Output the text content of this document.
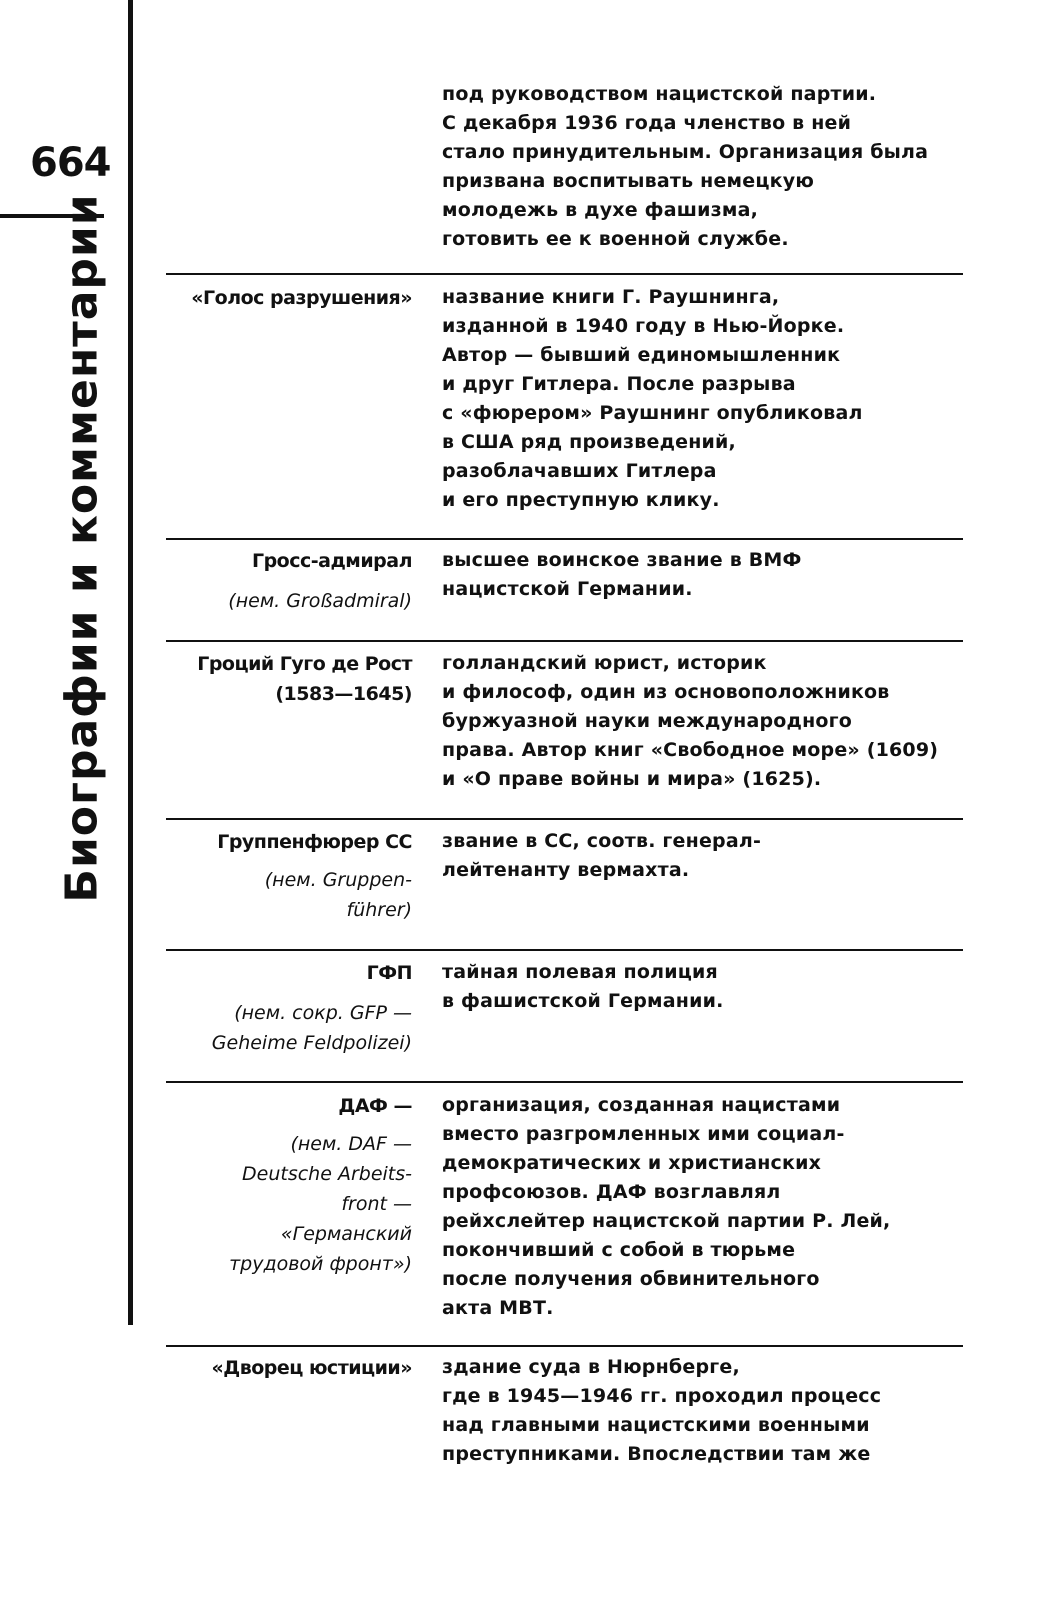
664
Биографии и комментарии
под руководством нацистской партии.
С декабря 1936 года членство в ней
стало принудительным. Организация была
призвана воспитывать немецкую
молодежь в духе фашизма,
готовить ее к военной службе.
«Голос разрушения» название книги Г. Раушнинга,
изданной в 1940 году в Нью-Йорке.
Автор — бывший единомышленник
и друг Гитлера. После разрыва
с «фюрером» Раушнинг опубликовал
в США ряд произведений,
разоблачавших Гитлера
и его преступную клику.
Гросс-адмирал
(нем. Großadmiral)
высшее воинское звание в ВМФ
нацистской Германии.
Гроций Гуго де Рост
(1583—1645)
голландский юрист, историк
и философ, один из основоположников
буржуазной науки международного
права. Автор книг «Свободное море» (1609)
и «О праве войны и мира» (1625).
Группенфюрер СС
(нем. Gruppen-
führer)
звание в СС, соотв. генерал-
лейтенанту вермахта.
ГФП
(нем. сокр. GFP —
Geheime Feldpolizei)
тайная полевая полиция
в фашистской Германии.
ДАФ —
(нем. DAF —
Deutsche Arbeits-
front —
«Германский
трудовой фронт»)
организация, созданная нацистами
вместо разгромленных ими социал-
демократических и христианских
профсоюзов. ДАФ возглавлял
рейхслейтер нацистской партии Р. Лей,
покончивший с собой в тюрьме
после получения обвинительного
акта МВТ.
«Дворец юстиции» здание суда в Нюрнберге,
где в 1945—1946 гг. проходил процесс
над главными нацистскими военными
преступниками. Впоследствии там же
